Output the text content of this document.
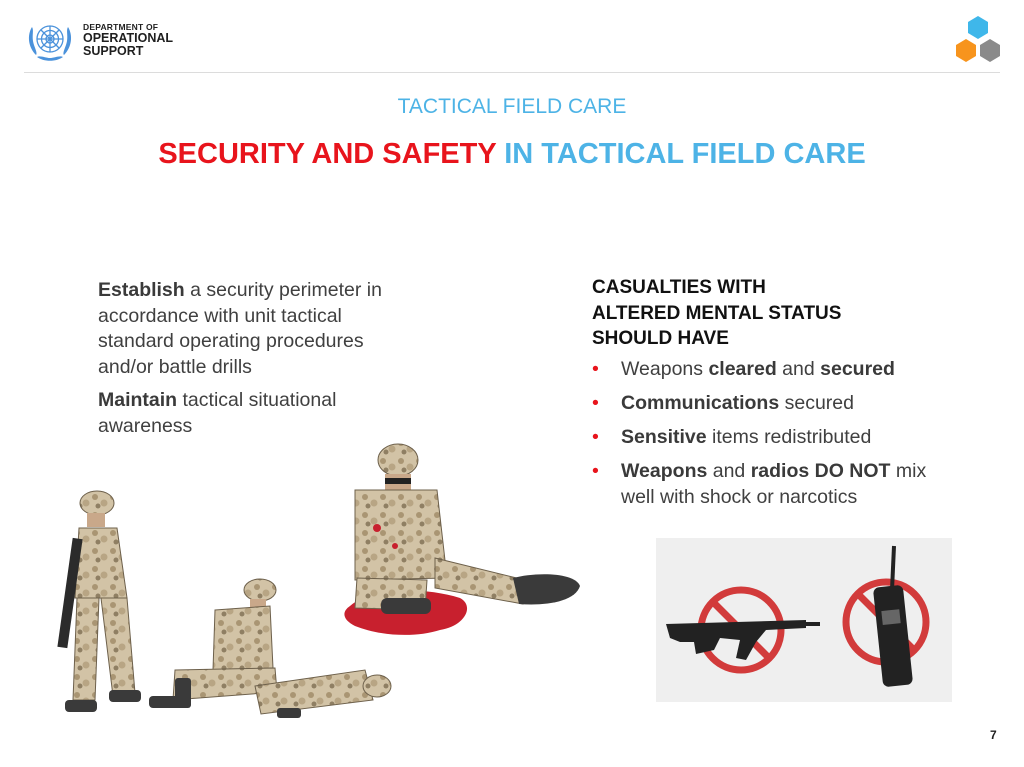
DEPARTMENT OF
OPERATIONAL
SUPPORT
TACTICAL FIELD CARE
SECURITY AND SAFETY IN TACTICAL FIELD CARE

Establish a security perimeter in accordance with unit tactical standard operating procedures and/or battle drills

Maintain tactical situational awareness

CASUALTIES WITH
ALTERED MENTAL STATUS
SHOULD HAVE
• Weapons cleared and secured
• Communications secured
• Sensitive items redistributed
• Weapons and radios DO NOT mix well with shock or narcotics
7
